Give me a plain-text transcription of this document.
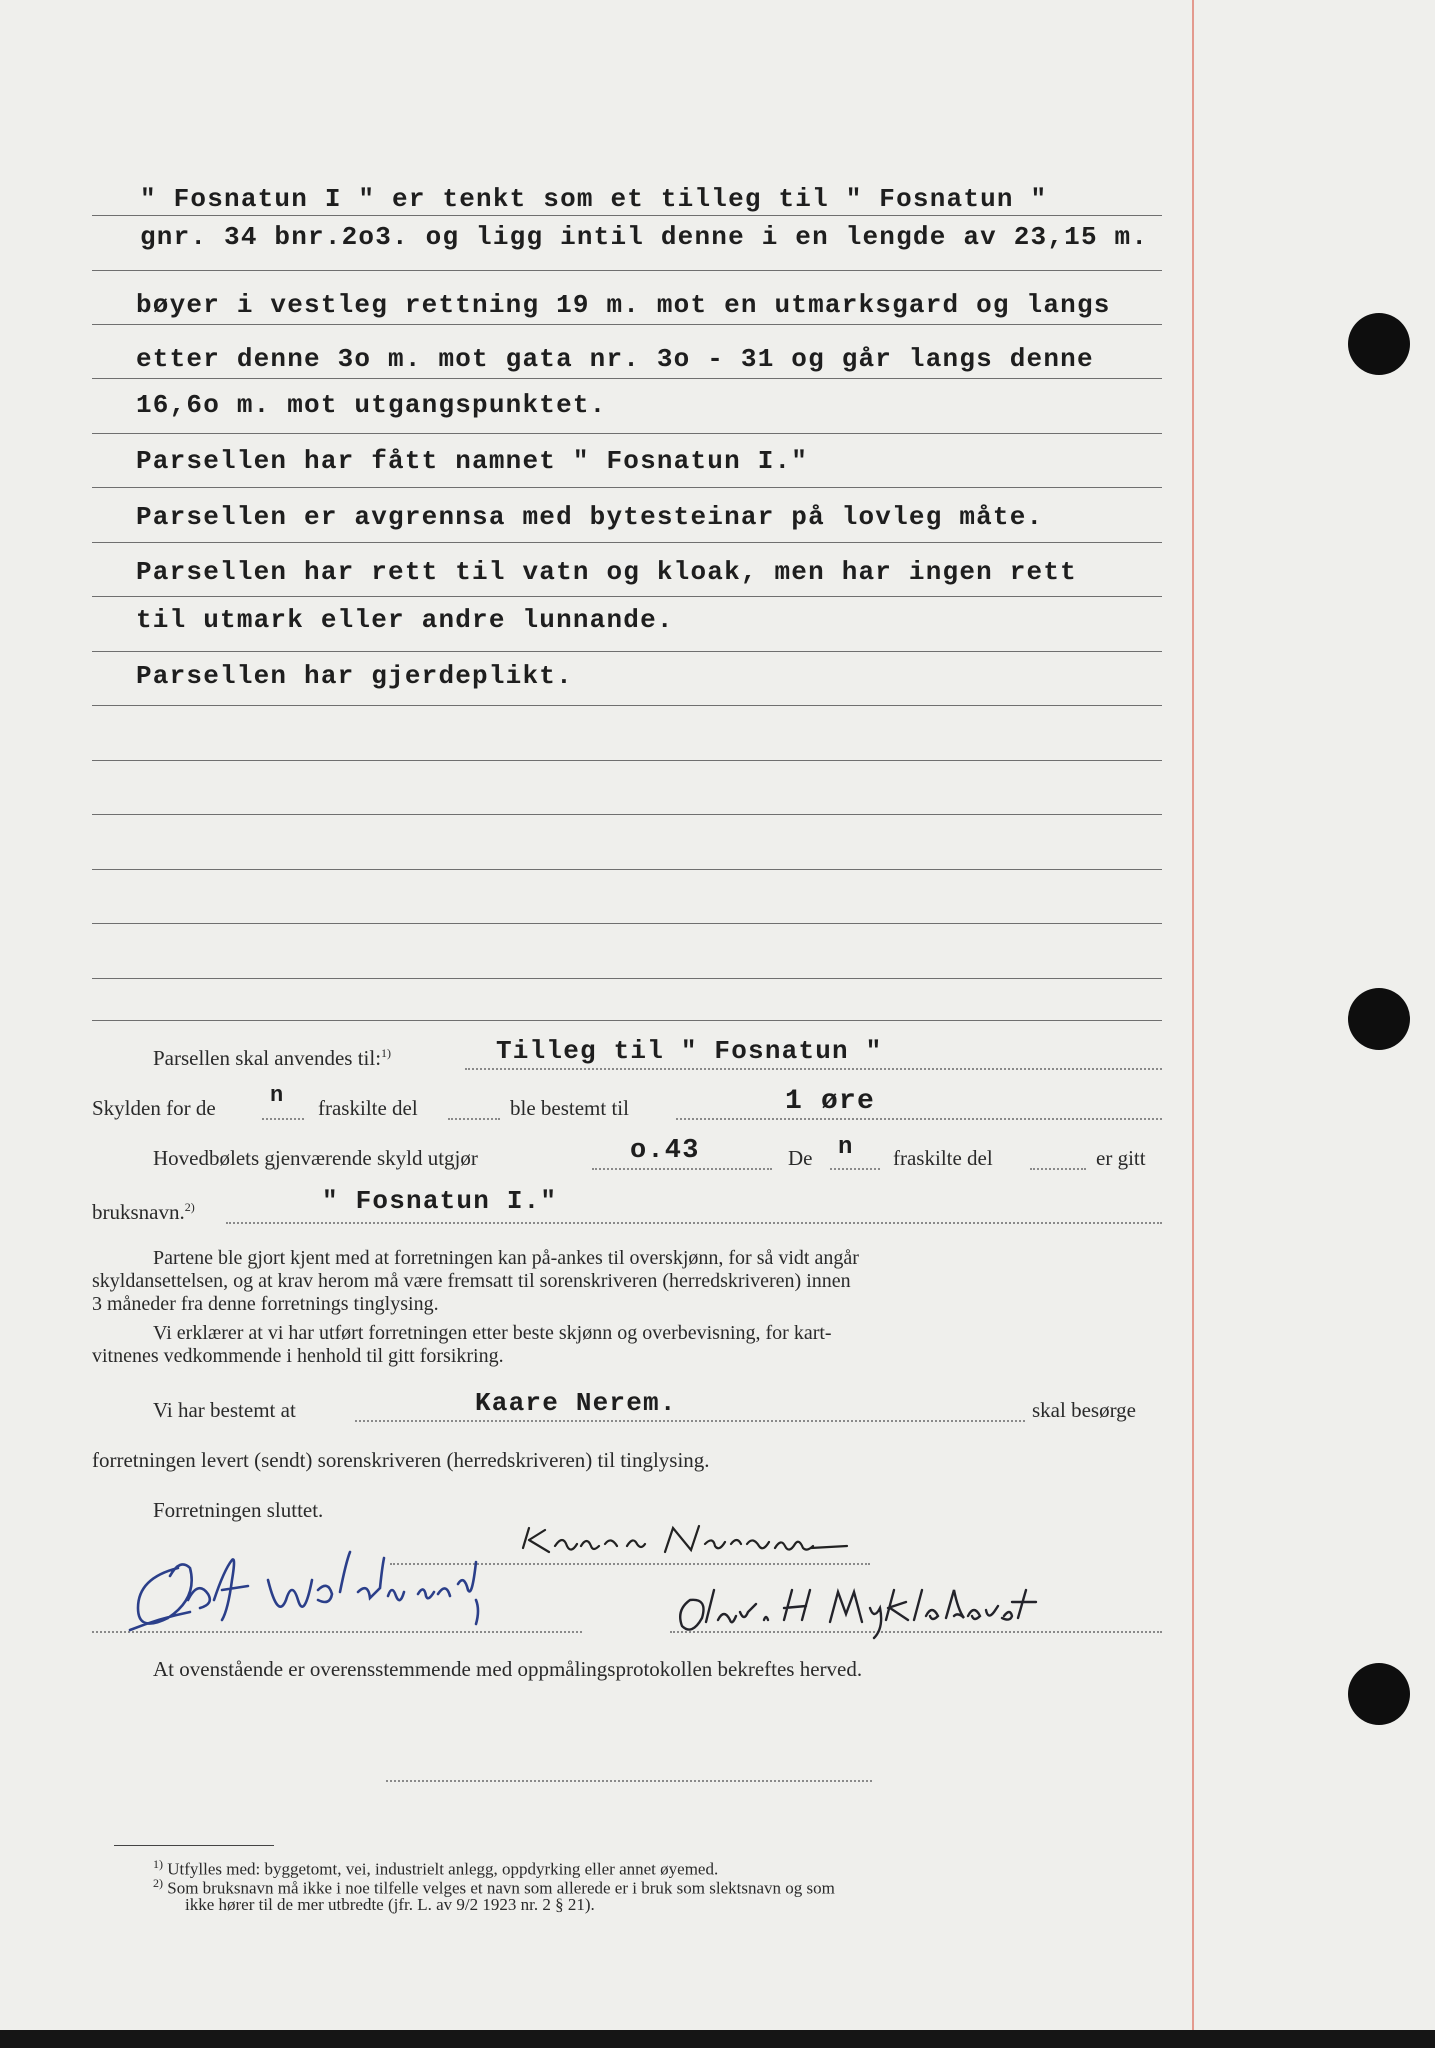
" Fosnatun I " er tenkt som et tilleg til " Fosnatun "
gnr. 34 bnr.2o3. og ligg intil denne i en lengde av 23,15 m.
bøyer i vestleg rettning 19 m. mot en utmarksgard og langs
etter denne 3o m. mot gata nr. 3o - 31 og går langs denne
16,6o m. mot utgangspunktet.
Parsellen har fått namnet " Fosnatun I."
Parsellen er avgrennsa med bytesteinar på lovleg måte.
Parsellen har rett til vatn og kloak, men har ingen rett
til utmark eller andre lunnande.
Parsellen har gjerdeplikt.
Parsellen skal anvendes til:$^{1)}$	Tilleg til " Fosnatun "
Skylden for de n fraskilte del	ble bestemt til	1 øre
Hovedbølets gjenværende skyld utgjør	o.43	De n fraskilte del	er gitt
bruksnavn.$^{2)}$	" Fosnatun I."
Partene ble gjort kjent med at forretningen kan på-ankes til overskjønn, for så vidt angår
skyldansettelsen, og at krav herom må være fremsatt til sorenskriveren (herredskriveren) innen
3 måneder fra denne forretnings tinglysing.
Vi erklærer at vi har utført forretningen etter beste skjønn og overbevisning, for kart-
vitnenes vedkommende i henhold til gitt forsikring.
Vi har bestemt at	Kaare Nerem.	skal besørge
forretningen levert (sendt) sorenskriveren (herredskriveren) til tinglysing.
Forretningen sluttet.
At ovenstående er overensstemmende med oppmålingsprotokollen bekreftes herved.
$^{1)}$ Utfylles med: byggetomt, vei, industrielt anlegg, oppdyrking eller annet øyemed.
$^{2)}$ Som bruksnavn må ikke i noe tilfelle velges et navn som allerede er i bruk som slektsnavn og som
ikke hører til de mer utbredte (jfr. L. av 9/2 1923 nr. 2 § 21).
